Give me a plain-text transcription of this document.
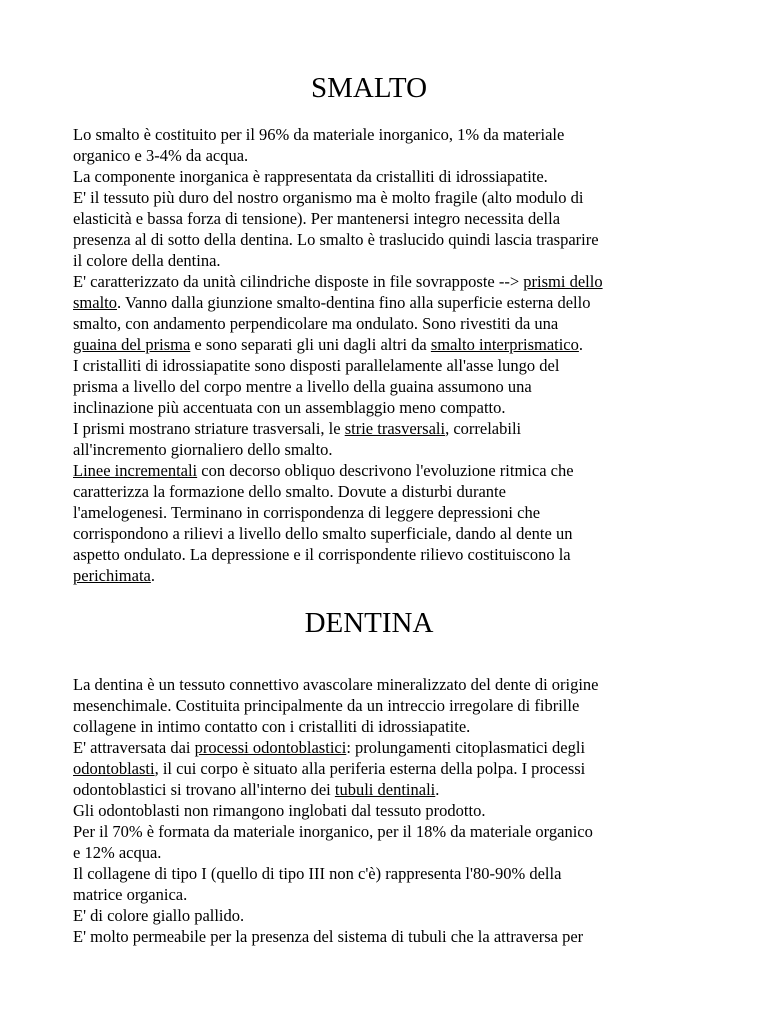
SMALTO
Lo smalto è costituito per il 96% da materiale inorganico, 1% da materiale
organico e 3-4% da acqua.
La componente inorganica è rappresentata da cristalliti di idrossiapatite.
E' il tessuto più duro del nostro organismo ma è molto fragile (alto modulo di
elasticità e bassa forza di tensione). Per mantenersi integro necessita della
presenza al di sotto della dentina. Lo smalto è traslucido quindi lascia trasparire
il colore della dentina.
E' caratterizzato da unità cilindriche disposte in file sovrapposte --> prismi dello
smalto. Vanno dalla giunzione smalto-dentina fino alla superficie esterna dello
smalto, con andamento perpendicolare ma ondulato. Sono rivestiti da una
guaina del prisma e sono separati gli uni dagli altri da smalto interprismatico.
I cristalliti di idrossiapatite sono disposti parallelamente all'asse lungo del
prisma a livello del corpo mentre a livello della guaina assumono una
inclinazione più accentuata con un assemblaggio meno compatto.
I prismi mostrano striature trasversali, le strie trasversali, correlabili
all'incremento giornaliero dello smalto.
Linee incrementali con decorso obliquo descrivono l'evoluzione ritmica che
caratterizza la formazione dello smalto. Dovute a disturbi durante
l'amelogenesi. Terminano in corrispondenza di leggere depressioni che
corrispondono a rilievi a livello dello smalto superficiale, dando al dente un
aspetto ondulato. La depressione e il corrispondente rilievo costituiscono la
perichimata.
DENTINA
La dentina è un tessuto connettivo avascolare mineralizzato del dente di origine
mesenchimale. Costituita principalmente da un intreccio irregolare di fibrille
collagene in intimo contatto con i cristalliti di idrossiapatite.
E' attraversata dai processi odontoblastici: prolungamenti citoplasmatici degli
odontoblasti, il cui corpo è situato alla periferia esterna della polpa. I processi
odontoblastici si trovano all'interno dei tubuli dentinali.
Gli odontoblasti non rimangono inglobati dal tessuto prodotto.
Per il 70% è formata da materiale inorganico, per il 18% da materiale organico
e 12% acqua.
Il collagene di tipo I (quello di tipo III non c'è) rappresenta l'80-90% della
matrice organica.
E' di colore giallo pallido.
E' molto permeabile per la presenza del sistema di tubuli che la attraversa per
